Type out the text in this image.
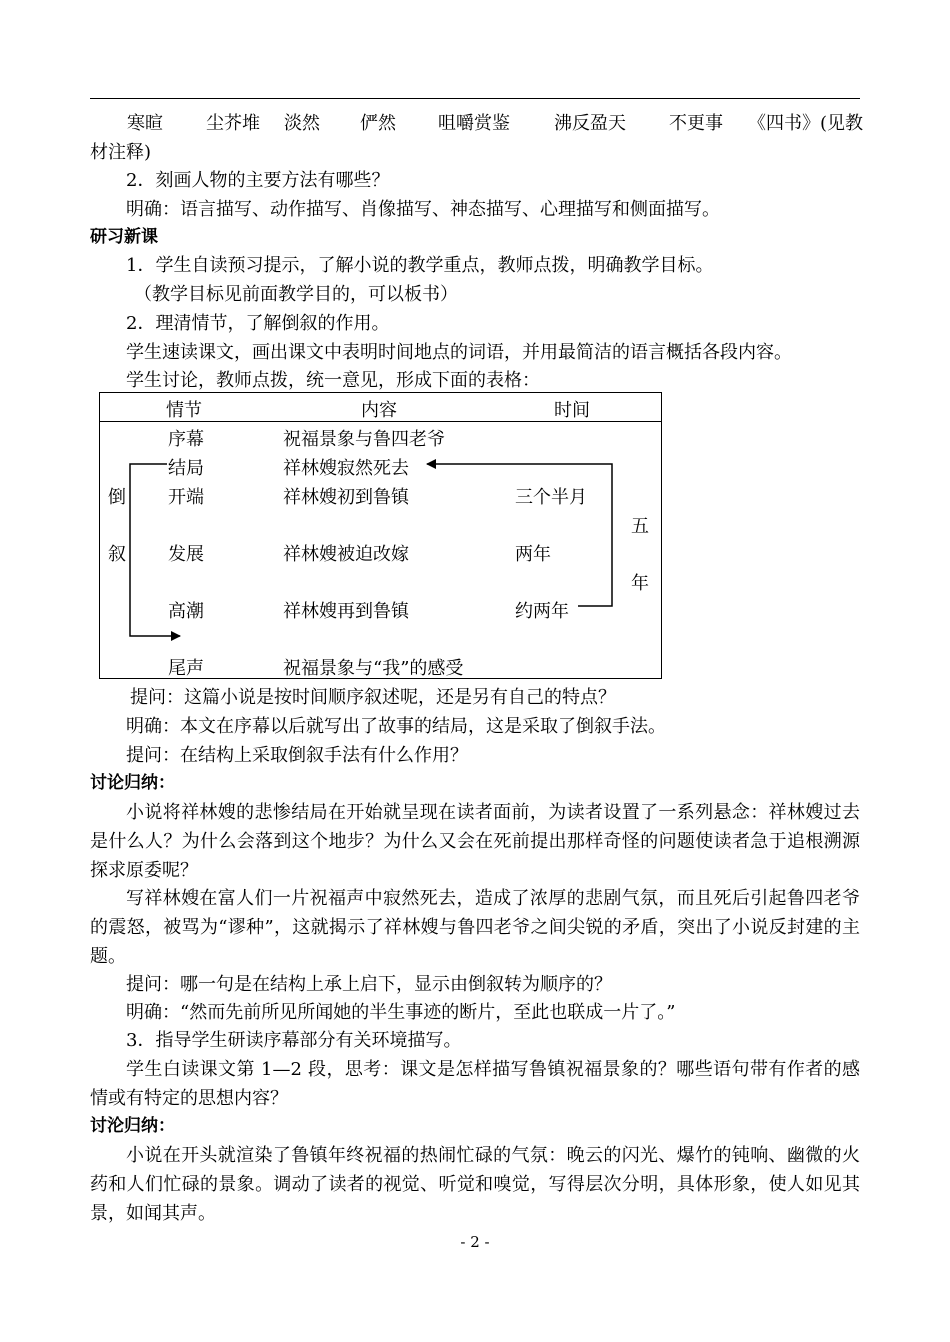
寒暄 尘芥堆 淡然 俨然 咀嚼赏鉴 沸反盈天 不更事 《四书》(见教
材注释)
2．刻画人物的主要方法有哪些？
明确：语言描写、动作描写、肖像描写、神态描写、心理描写和侧面描写。
研习新课
1．学生自读预习提示，了解小说的教学重点，教师点拨，明确教学目标。
（教学目标见前面教学目的，可以板书）
2．理清情节，了解倒叙的作用。
学生速读课文，画出课文中表明时间地点的词语，并用最简洁的语言概括各段内容。
学生讨论，教师点拨，统一意见，形成下面的表格：
情节	内容	时间
序幕	祝福景象与鲁四老爷
结局	祥林嫂寂然死去
开端	祥林嫂初到鲁镇	三个半月
发展	祥林嫂被迫改嫁	两年
高潮	祥林嫂再到鲁镇	约两年
尾声	祝福景象与“我”的感受
倒
叙
五
年
提问：这篇小说是按时间顺序叙述呢，还是另有自己的特点？
明确：本文在序幕以后就写出了故事的结局，这是采取了倒叙手法。
提问：在结构上采取倒叙手法有什么作用？
讨论归纳：
小说将祥林嫂的悲惨结局在开始就呈现在读者面前，为读者设置了一系列悬念：祥林嫂过去是什么人？为什么会落到这个地步？为什么又会在死前提出那样奇怪的问题使读者急于追根溯源探求原委呢？
写祥林嫂在富人们一片祝福声中寂然死去，造成了浓厚的悲剧气氛，而且死后引起鲁四老爷的震怒，被骂为“谬种”，这就揭示了祥林嫂与鲁四老爷之间尖锐的矛盾，突出了小说反封建的主题。
提问：哪一句是在结构上承上启下，显示由倒叙转为顺序的？
明确：“然而先前所见所闻她的半生事迹的断片，至此也联成一片了。”
3．指导学生研读序幕部分有关环境描写。
学生白读课文第 1—2 段，思考：课文是怎样描写鲁镇祝福景象的？哪些语句带有作者的感情或有特定的思想内容？
讨沦归纳：
小说在开头就渲染了鲁镇年终祝福的热闹忙碌的气氛：晚云的闪光、爆竹的钝响、幽微的火药和人们忙碌的景象。调动了读者的视觉、听觉和嗅觉，写得层次分明，具体形象，使人如见其景，如闻其声。
- 2 -
